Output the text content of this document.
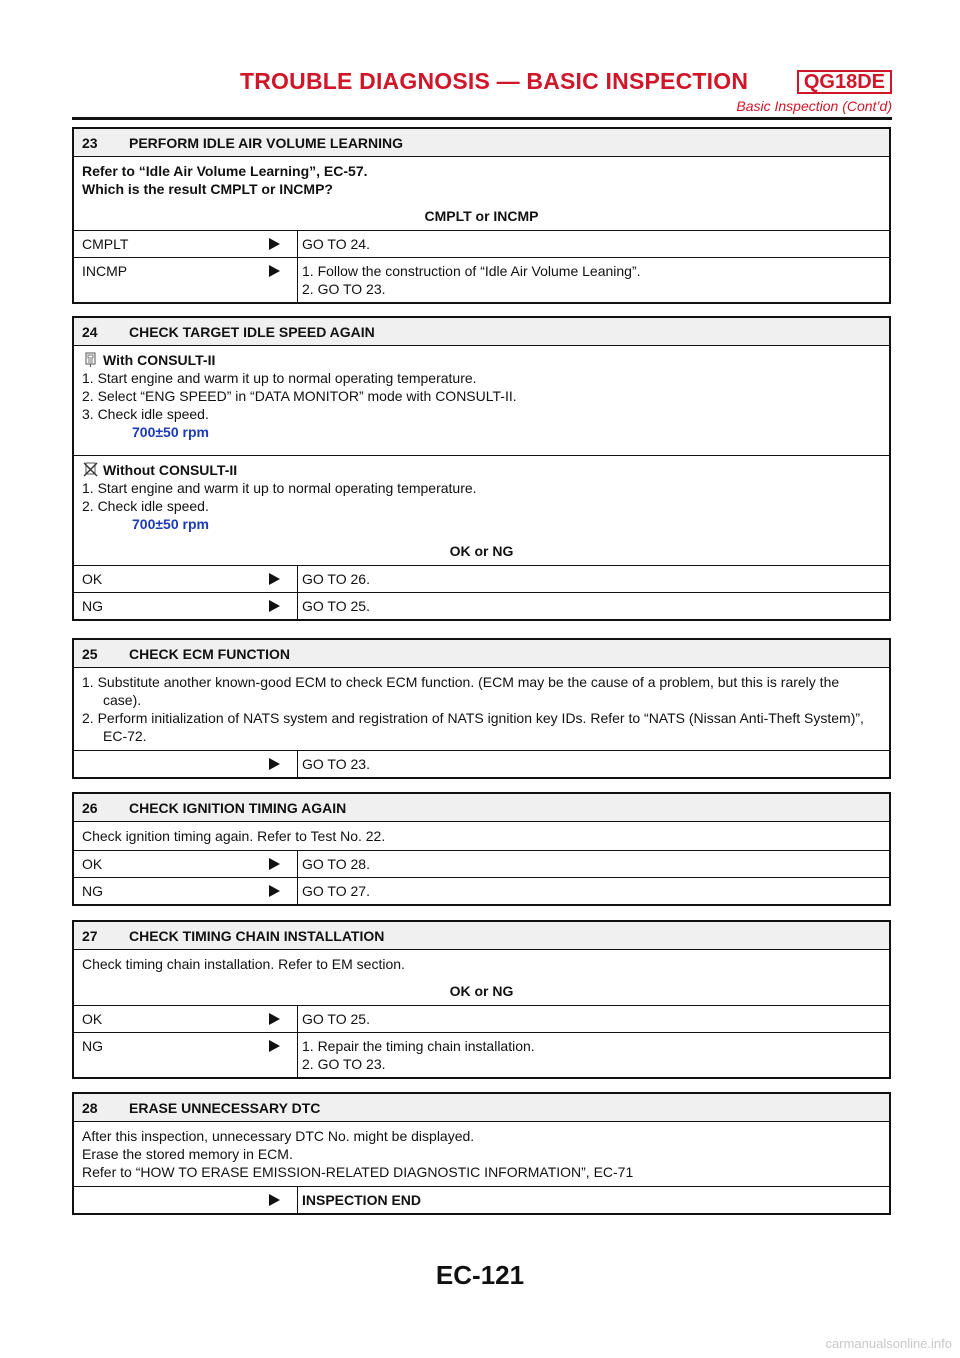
TROUBLE DIAGNOSIS — BASIC INSPECTION	QG18DE
Basic Inspection (Cont’d)
23	PERFORM IDLE AIR VOLUME LEARNING
Refer to “Idle Air Volume Learning”, EC-57.
Which is the result CMPLT or INCMP?
CMPLT or INCMP
CMPLT	GO TO 24.
INCMP	1. Follow the construction of “Idle Air Volume Leaning”.
2. GO TO 23.
24	CHECK TARGET IDLE SPEED AGAIN
With CONSULT-II
1. Start engine and warm it up to normal operating temperature.
2. Select “ENG SPEED” in “DATA MONITOR” mode with CONSULT-II.
3. Check idle speed.
700±50 rpm
Without CONSULT-II
1. Start engine and warm it up to normal operating temperature.
2. Check idle speed.
700±50 rpm
OK or NG
OK	GO TO 26.
NG	GO TO 25.
25	CHECK ECM FUNCTION
1. Substitute another known-good ECM to check ECM function. (ECM may be the cause of a problem, but this is rarely the case).
2. Perform initialization of NATS system and registration of NATS ignition key IDs. Refer to “NATS (Nissan Anti-Theft System)”, EC-72.
GO TO 23.
26	CHECK IGNITION TIMING AGAIN
Check ignition timing again. Refer to Test No. 22.
OK	GO TO 28.
NG	GO TO 27.
27	CHECK TIMING CHAIN INSTALLATION
Check timing chain installation. Refer to EM section.
OK or NG
OK	GO TO 25.
NG	1. Repair the timing chain installation.
2. GO TO 23.
28	ERASE UNNECESSARY DTC
After this inspection, unnecessary DTC No. might be displayed.
Erase the stored memory in ECM.
Refer to “HOW TO ERASE EMISSION-RELATED DIAGNOSTIC INFORMATION”, EC-71
INSPECTION END
EC-121
carmanualsonline.info
